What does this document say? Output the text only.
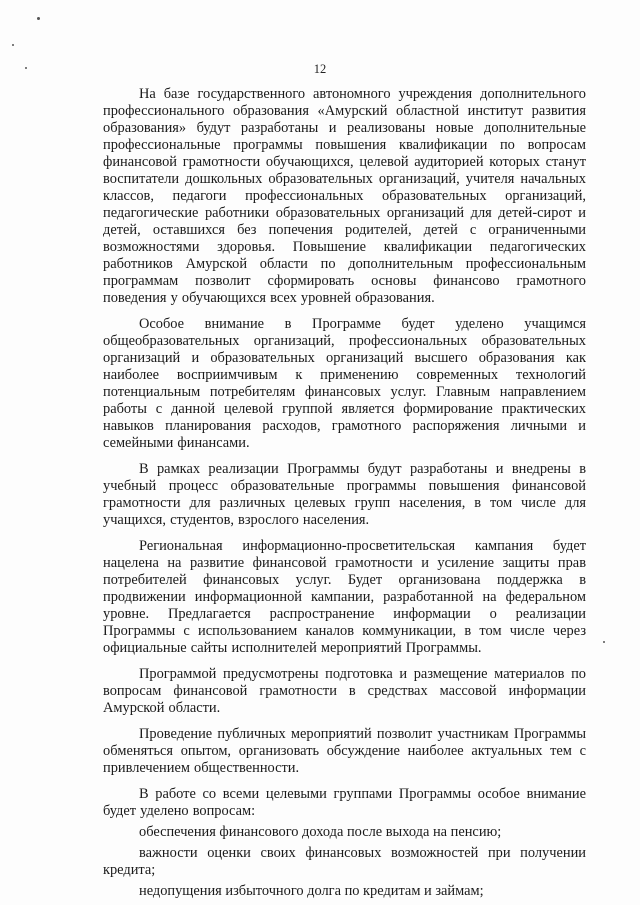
12

На базе государственного автономного учреждения дополнительного профессионального образования «Амурский областной институт развития образования» будут разработаны и реализованы новые дополнительные профессиональные программы повышения квалификации по вопросам финансовой грамотности обучающихся, целевой аудиторией которых станут воспитатели дошкольных образовательных организаций, учителя начальных классов, педагоги профессиональных образовательных организаций, педагогические работники образовательных организаций для детей-сирот и детей, оставшихся без попечения родителей, детей с ограниченными возможностями здоровья. Повышение квалификации педагогических работников Амурской области по дополнительным профессиональным программам позволит сформировать основы финансово грамотного поведения у обучающихся всех уровней образования.

Особое внимание в Программе будет уделено учащимся общеобразовательных организаций, профессиональных образовательных организаций и образовательных организаций высшего образования как наиболее восприимчивым к применению современных технологий потенциальным потребителям финансовых услуг. Главным направлением работы с данной целевой группой является формирование практических навыков планирования расходов, грамотного распоряжения личными и семейными финансами.

В рамках реализации Программы будут разработаны и внедрены в учебный процесс образовательные программы повышения финансовой грамотности для различных целевых групп населения, в том числе для учащихся, студентов, взрослого населения.

Региональная информационно-просветительская кампания будет нацелена на развитие финансовой грамотности и усиление защиты прав потребителей финансовых услуг. Будет организована поддержка в продвижении информационной кампании, разработанной на федеральном уровне. Предлагается распространение информации о реализации Программы с использованием каналов коммуникации, в том числе через официальные сайты исполнителей мероприятий Программы.

Программой предусмотрены подготовка и размещение материалов по вопросам финансовой грамотности в средствах массовой информации Амурской области.

Проведение публичных мероприятий позволит участникам Программы обменяться опытом, организовать обсуждение наиболее актуальных тем с привлечением общественности.

В работе со всеми целевыми группами Программы особое внимание будет уделено вопросам:

обеспечения финансового дохода после выхода на пенсию;

важности оценки своих финансовых возможностей при получении кредита;

недопущения избыточного долга по кредитам и займам;
